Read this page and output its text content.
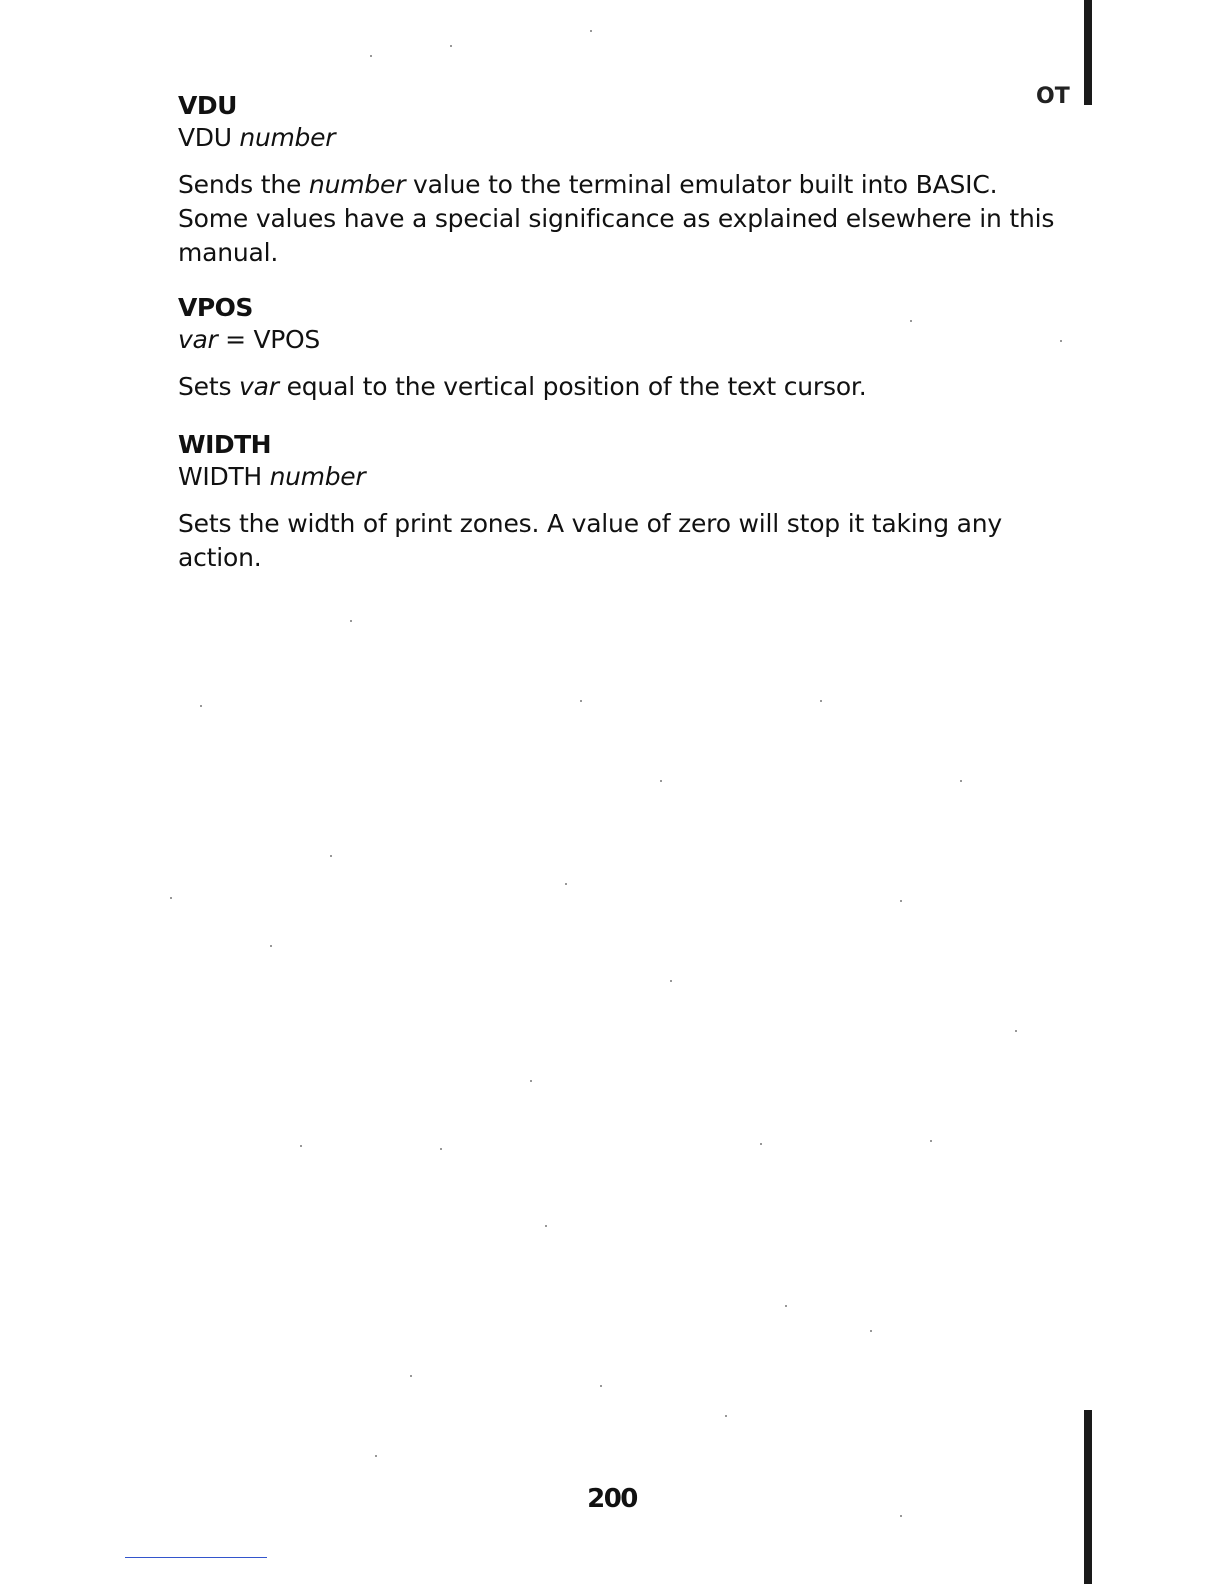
OT

VDU

VDU number

Sends the number value to the terminal emulator built into BASIC. Some values have a special significance as explained elsewhere in this manual.

VPOS

var = VPOS

Sets var equal to the vertical position of the text cursor.

WIDTH

WIDTH number

Sets the width of print zones. A value of zero will stop it taking any action.

200
